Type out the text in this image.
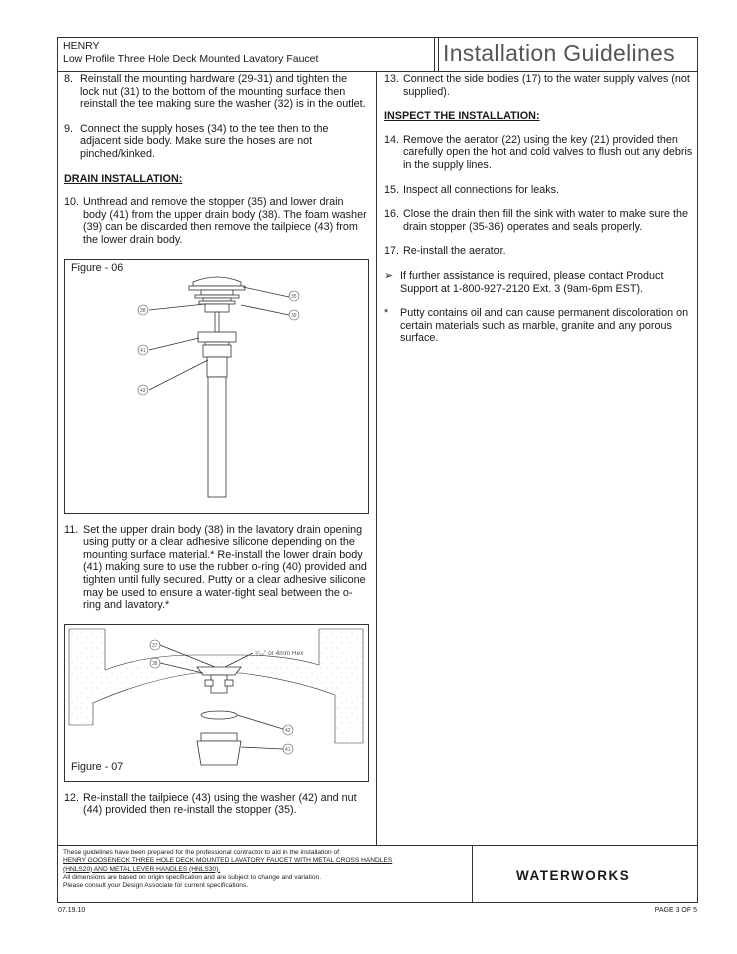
HENRY
Low Profile Three Hole Deck Mounted Lavatory Faucet	Installation Guidelines
8. Reinstall the mounting hardware (29-31) and tighten the lock nut (31) to the bottom of the mounting surface then reinstall the tee making sure the washer (32) is in the outlet.
9. Connect the supply hoses (34) to the tee then to the adjacent side body. Make sure the hoses are not pinched/kinked.
DRAIN INSTALLATION:
10. Unthread and remove the stopper (35) and lower drain body (41) from the upper drain body (38). The foam washer (39) can be discarded then remove the tailpiece (43) from the lower drain body.
Figure - 06
35
39
38
41
43
11. Set the upper drain body (38) in the lavatory drain opening using putty or a clear adhesive silicone depending on the mounting surface material.* Re-install the lower drain body (41) making sure to use the rubber o-ring (40) provided and tighten until fully secured. Putty or a clear adhesive silicone may be used to ensure a water-tight seal between the o-ring and lavatory.*
37
38
42
41
⁵⁄₃₂" or 4mm Hex
Figure - 07
12. Re-install the tailpiece (43) using the washer (42) and nut (44) provided then re-install the stopper (35).
13. Connect the side bodies (17) to the water supply valves (not supplied).
INSPECT THE INSTALLATION:
14. Remove the aerator (22) using the key (21) provided then carefully open the hot and cold valves to flush out any debris in the supply lines.
15. Inspect all connections for leaks.
16. Close the drain then fill the sink with water to make sure the drain stopper (35-36) operates and seals properly.
17. Re-install the aerator.
➢ If further assistance is required, please contact Product Support at 1-800-927-2120 Ext. 3 (9am-6pm EST).
* Putty contains oil and can cause permanent discoloration on certain materials such as marble, granite and any porous surface.
These guidelines have been prepared for the professional contractor to aid in the installation of:
HENRY GOOSENECK THREE HOLE DECK MOUNTED LAVATORY FAUCET WITH METAL CROSS HANDLES
(HNLS20) AND METAL LEVER HANDLES (HNLS30).
All dimensions are based on origin specification and are subject to change and variation.
Please consult your Design Associate for current specifications.
WATERWORKS
07.19.10	PAGE 3 OF 5
